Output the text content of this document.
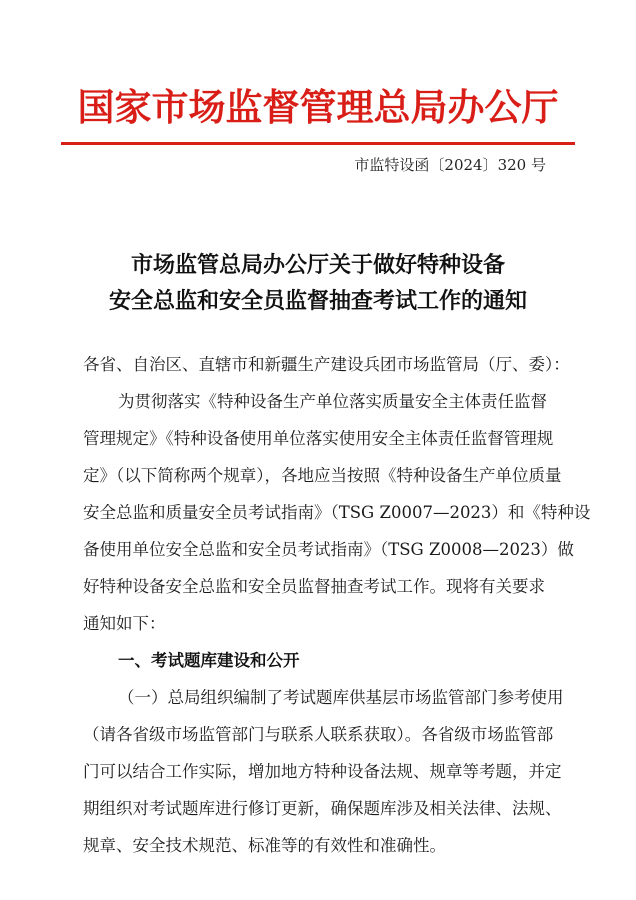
国家市场监督管理总局办公厅
市监特设函〔2024〕320 号
市场监管总局办公厅关于做好特种设备
安全总监和安全员监督抽查考试工作的通知
各省、自治区、直辖市和新疆生产建设兵团市场监管局（厅、委）：
为贯彻落实《特种设备生产单位落实质量安全主体责任监督
管理规定》《特种设备使用单位落实使用安全主体责任监督管理规
定》（以下简称两个规章），各地应当按照《特种设备生产单位质量
安全总监和质量安全员考试指南》（TSG Z0007—2023）和《特种设
备使用单位安全总监和安全员考试指南》（TSG Z0008—2023）做
好特种设备安全总监和安全员监督抽查考试工作。现将有关要求
通知如下：
一、考试题库建设和公开
（一）总局组织编制了考试题库供基层市场监管部门参考使用
（请各省级市场监管部门与联系人联系获取）。各省级市场监管部
门可以结合工作实际，增加地方特种设备法规、规章等考题，并定
期组织对考试题库进行修订更新，确保题库涉及相关法律、法规、
规章、安全技术规范、标准等的有效性和准确性。
